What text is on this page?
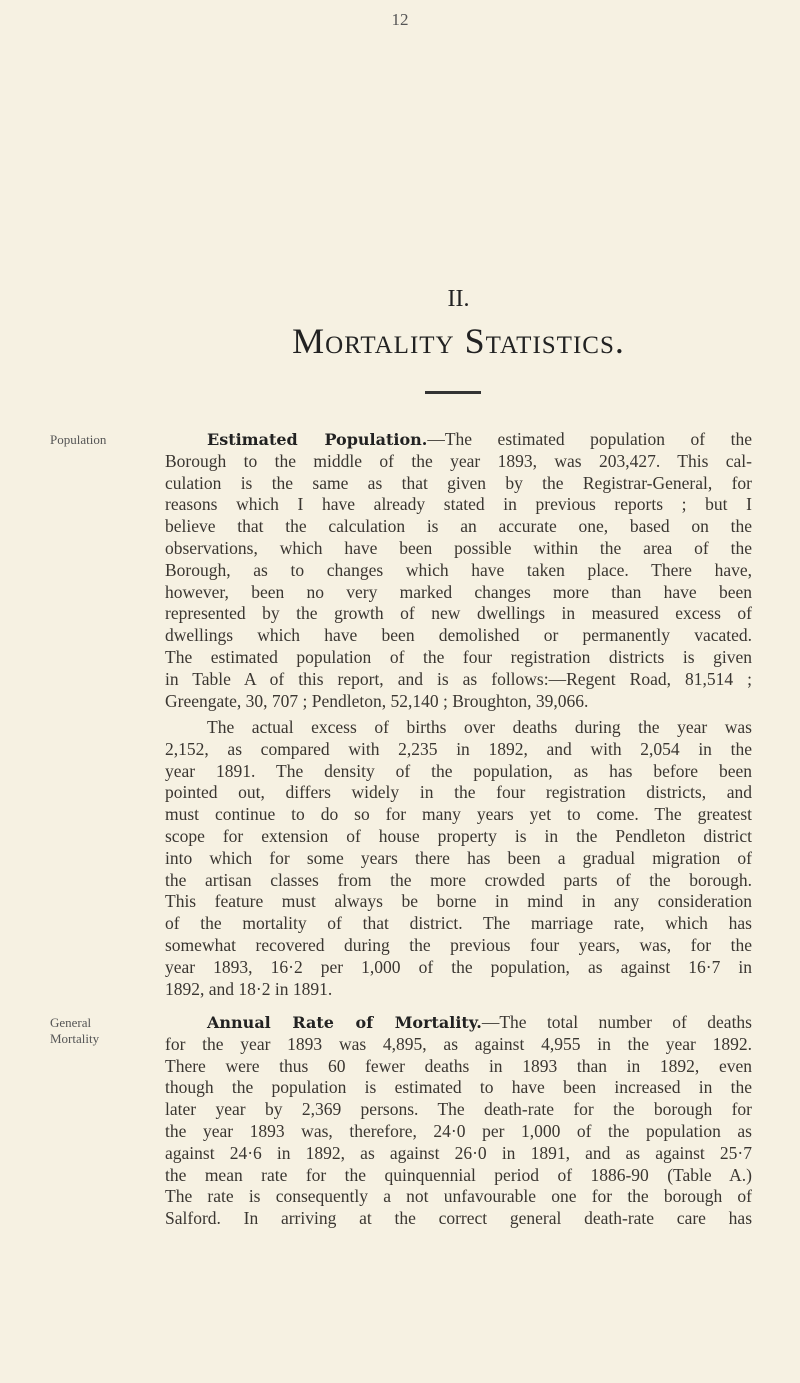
12
II.
Mortality Statistics.
Population
General
Mortality
Estimated Population.—The estimated population of the
Borough to the middle of the year 1893, was 203,427. This cal-
culation is the same as that given by the Registrar-General, for
reasons which I have already stated in previous reports ; but I
believe that the calculation is an accurate one, based on the
observations, which have been possible within the area of the
Borough, as to changes which have taken place. There have,
however, been no very marked changes more than have been
represented by the growth of new dwellings in measured excess of
dwellings which have been demolished or permanently vacated.
The estimated population of the four registration districts is given
in Table A of this report, and is as follows:—Regent Road, 81,514 ;
Greengate, 30, 707 ; Pendleton, 52,140 ; Broughton, 39,066.
The actual excess of births over deaths during the year was
2,152, as compared with 2,235 in 1892, and with 2,054 in the
year 1891. The density of the population, as has before been
pointed out, differs widely in the four registration districts, and
must continue to do so for many years yet to come. The greatest
scope for extension of house property is in the Pendleton district
into which for some years there has been a gradual migration of
the artisan classes from the more crowded parts of the borough.
This feature must always be borne in mind in any consideration
of the mortality of that district. The marriage rate, which has
somewhat recovered during the previous four years, was, for the
year 1893, 16·2 per 1,000 of the population, as against 16·7 in
1892, and 18·2 in 1891.
Annual Rate of Mortality.—The total number of deaths
for the year 1893 was 4,895, as against 4,955 in the year 1892.
There were thus 60 fewer deaths in 1893 than in 1892, even
though the population is estimated to have been increased in the
later year by 2,369 persons. The death-rate for the borough for
the year 1893 was, therefore, 24·0 per 1,000 of the population as
against 24·6 in 1892, as against 26·0 in 1891, and as against 25·7
the mean rate for the quinquennial period of 1886-90 (Table A.)
The rate is consequently a not unfavourable one for the borough of
Salford. In arriving at the correct general death-rate care has
